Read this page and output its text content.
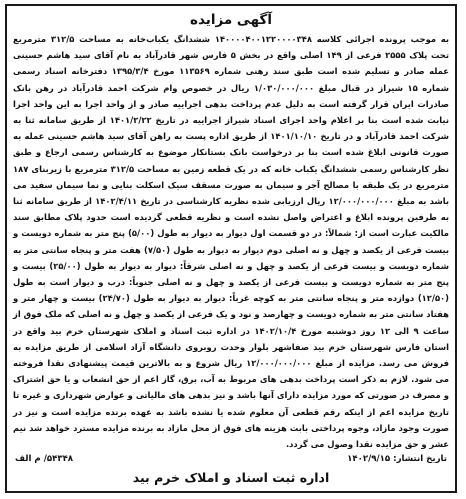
آگهی مزایده

به موجب پرونده اجرائی کلاسه ۱۴۰۰۰۰۴۰۰۱۲۲۰۰۰۰۳۴۸ ششدانگ یکباب‌خانه به مساحت ۳۱۲/۵ مترمربع تحت پلاک ۲۵۵۵ فرعی از ۱۴۹ اصلی واقع در بخش ۵ فارس شهر قادرآباد به نام آقای سید هاشم حسینی عمله صادر و تسلیم شده است طبق سند رهنی شماره ۱۱۳۵۶۹ مورخ ۱۳۹۵/۳/۴ دفترخانه اسناد رسمی شماره ۱۵ شیراز در قبال مبلغ ۱/۰۳۰/۰۰۰/۰۰۰ ریال در خصوص وام شرکت احمد قادرآباد در رهن بانک صادرات ایران قرار گرفته است به دلیل عدم پرداخت بدهی اجراییه صادر و از واحد اجرا به این واحد اجرا نیابت شده است بنا بر اعلام واحد اجرای اسناد شیراز اجراییه در تاریخ ۱۴۰۱/۲/۲۲ از طریق سامانه ثنا به شرکت احمد قادرآباد و در تاریخ ۱۴۰۱/۱۰/۱۰ از طریق اداره پست به راهن آقای سید هاشم حسینی عمله به صورت قانونی ابلاغ شده است بنا بر درخواست بانک بستانکار موضوع به کارشناس رسمی ارجاع و طبق نظر کارشناس رسمی ششدانگ یکباب خانه که در یک قطعه زمین به مساحت ۳۱۲/۵ مترمربع با زیربنای ۱۸۷ مترمربع در یک طبقه با مصالح آجر و سیمان به صورت مسقف سیک اسکلت بنایی و نما سیمان سفید می باشد به مبلغ ۱۲/۰۰۰/۰۰۰/۰۰۰ ریال ارزیابی شده نظریه کارشناسی در تاریخ ۱۴۰۲/۴/۱۱ از طریق سامانه ثنا به طرفین پرونده ابلاغ و اعتراض واصل نشده است و نظریه قطعی گردیده است حدود پلاک مطابق سند مالکیت عبارت است از: شمالاً: در دو قسمت اول دیوار به دیوار به طول (۵/۰۰) پنج متر به شماره دویست و بیست فرعی از یکصد و چهل و نه اصلی دوم دیوار به دیوار به طول (۷/۵۰) هفت متر و پنجاه سانتی متر به شماره دویست و بیست فرعی از یکصد و چهل و نه اصلی شرقاً: دیوار به دیوار به طول (۲۵/۰۰) بیست و پنج متر به شماره دویست و بیست فرعی از یکصد و چهل و نه اصلی جنوباً: درب و دیوار است به طول (۱۲/۵۰) دوازده متر و پنجاه سانتی متر به کوچه غرباً: دیوار به دیوار به طول (۲۴/۷۰) بیست و چهار متر و هفتاد سانتی متر به شماره دویست و چهارصد و نود و یک فرعی از یکصد و چهل و نه اصلی که ملک فوق از ساعت ۹ الی ۱۲ روز دوشنبه مورخ ۱۴۰۲/۱۰/۴ در اداره ثبت اسناد و املاک شهرستان خرم بید واقع در استان فارس شهرستان خرم بید صفاشهر بلوار وحدت روبروی دانشگاه آزاد اسلامی از طریق مزایده به فروش می رسد. مزایده از مبلغ ۱۲/۰۰۰/۰۰۰/۰۰۰ ریال شروع و به بالاترین قیمت پیشنهادی نقدا فروخته می شود. لازم به ذکر است پرداخت بدهی های مربوط به آب، برق، گاز اعم از حق انشعاب و یا حق اشتراک و مصرف در صورتی که مورد مزایده دارای آنها باشد و نیز بدهی های مالیاتی و عوارض شهرداری و غیره تا تاریخ مزایده اعم از اینکه رقم قطعی آن معلوم شده یا نشده باشد به عهده برنده مزایده است و نیز در صورت وجود مازاد، وجوه پرداختی بابت هزینه های فوق از محل مازاد به برنده مزایده مسترد خواهد شد نیم عشر و حق مزایده نقدا وصول می گردد.

تاریخ انتشار: ۱۴۰۲/۹/۱۵
۵۴۳۴۸/ م الف
اداره ثبت اسناد و املاک خرم بید
